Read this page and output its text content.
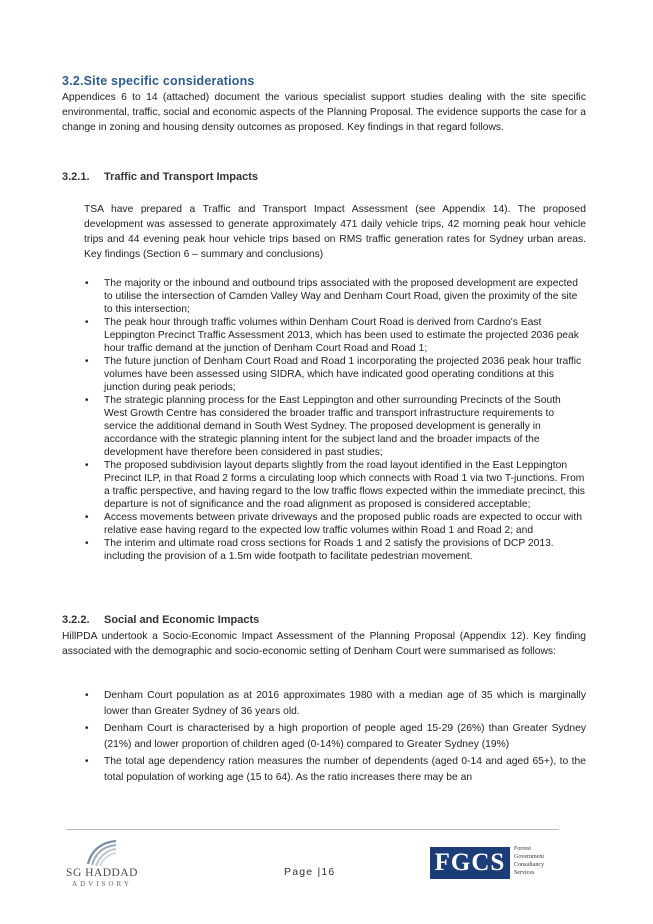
3.2.Site specific considerations

Appendices 6 to 14 (attached) document the various specialist support studies dealing with the site specific environmental, traffic, social and economic aspects of the Planning Proposal. The evidence supports the case for a change in zoning and housing density outcomes as proposed. Key findings in that regard follows.

3.2.1. Traffic and Transport Impacts

TSA have prepared a Traffic and Transport Impact Assessment (see Appendix 14). The proposed development was assessed to generate approximately 471 daily vehicle trips, 42 morning peak hour vehicle trips and 44 evening peak hour vehicle trips based on RMS traffic generation rates for Sydney urban areas. Key findings (Section 6 – summary and conclusions)

• The majority or the inbound and outbound trips associated with the proposed development are expected to utilise the intersection of Camden Valley Way and Denham Court Road, given the proximity of the site to this intersection;
• The peak hour through traffic volumes within Denham Court Road is derived from Cardno's East Leppington Precinct Traffic Assessment 2013, which has been used to estimate the projected 2036 peak hour traffic demand at the junction of Denham Court Road and Road 1;
• The future junction of Denham Court Road and Road 1 incorporating the projected 2036 peak hour traffic volumes have been assessed using SIDRA, which have indicated good operating conditions at this junction during peak periods;
• The strategic planning process for the East Leppington and other surrounding Precincts of the South West Growth Centre has considered the broader traffic and transport infrastructure requirements to service the additional demand in South West Sydney. The proposed development is generally in accordance with the strategic planning intent for the subject land and the broader impacts of the development have therefore been considered in past studies;
• The proposed subdivision layout departs slightly from the road layout identified in the East Leppington Precinct ILP, in that Road 2 forms a circulating loop which connects with Road 1 via two T-junctions. From a traffic perspective, and having regard to the low traffic flows expected within the immediate precinct, this departure is not of significance and the road alignment as proposed is considered acceptable;
• Access movements between private driveways and the proposed public roads are expected to occur with relative ease having regard to the expected low traffic volumes within Road 1 and Road 2; and
• The interim and ultimate road cross sections for Roads 1 and 2 satisfy the provisions of DCP 2013. including the provision of a 1.5m wide footpath to facilitate pedestrian movement.
3.2.2. Social and Economic Impacts

HillPDA undertook a Socio-Economic Impact Assessment of the Planning Proposal (Appendix 12). Key finding associated with the demographic and socio-economic setting of Denham Court were summarised as follows:

• Denham Court population as at 2016 approximates 1980 with a median age of 35 which is marginally lower than Greater Sydney of 36 years old.
• Denham Court is characterised by a high proportion of people aged 15-29 (26%) than Greater Sydney (21%) and lower proportion of children aged (0-14%) compared to Greater Sydney (19%)
• The total age dependency ration measures the number of dependents (aged 0-14 and aged 65+), to the total population of working age (15 to 64). As the ratio increases there may be an
SG HADDAD
ADVISORY
Page |16	FGCS	Forrest
Government
Consultancy
Services
